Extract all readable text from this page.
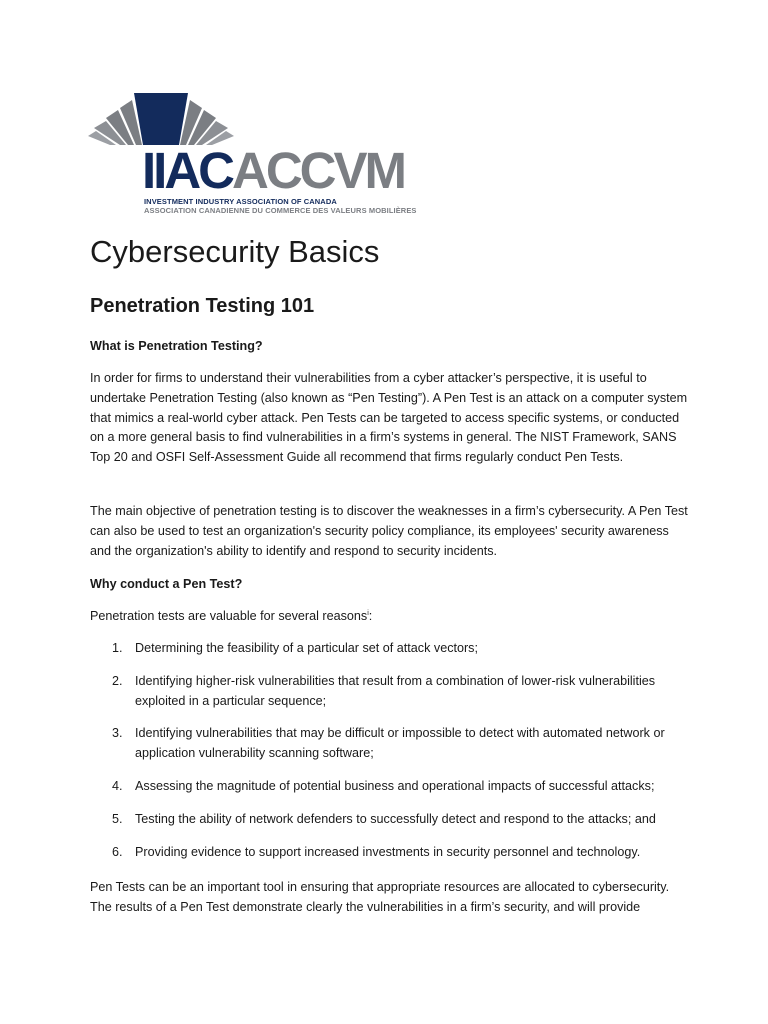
IIACACCVM
INVESTMENT INDUSTRY ASSOCIATION OF CANADA
ASSOCIATION CANADIENNE DU COMMERCE DES VALEURS MOBILIÈRES
Cybersecurity Basics
Penetration Testing 101
What is Penetration Testing?

In order for firms to understand their vulnerabilities from a cyber attacker’s perspective, it is useful to undertake Penetration Testing (also known as “Pen Testing”). A Pen Test is an attack on a computer system that mimics a real-world cyber attack. Pen Tests can be targeted to access specific systems, or conducted on a more general basis to find vulnerabilities in a firm’s systems in general. The NIST Framework, SANS Top 20 and OSFI Self-Assessment Guide all recommend that firms regularly conduct Pen Tests.

The main objective of penetration testing is to discover the weaknesses in a firm’s cybersecurity. A Pen Test can also be used to test an organization's security policy compliance, its employees' security awareness and the organization's ability to identify and respond to security incidents.

Why conduct a Pen Test?

Penetration tests are valuable for several reasons$^i$:

1. Determining the feasibility of a particular set of attack vectors;
2. Identifying higher-risk vulnerabilities that result from a combination of lower-risk vulnerabilities exploited in a particular sequence;
3. Identifying vulnerabilities that may be difficult or impossible to detect with automated network or application vulnerability scanning software;
4. Assessing the magnitude of potential business and operational impacts of successful attacks;
5. Testing the ability of network defenders to successfully detect and respond to the attacks; and
6. Providing evidence to support increased investments in security personnel and technology.

Pen Tests can be an important tool in ensuring that appropriate resources are allocated to cybersecurity. The results of a Pen Test demonstrate clearly the vulnerabilities in a firm’s security, and will provide
